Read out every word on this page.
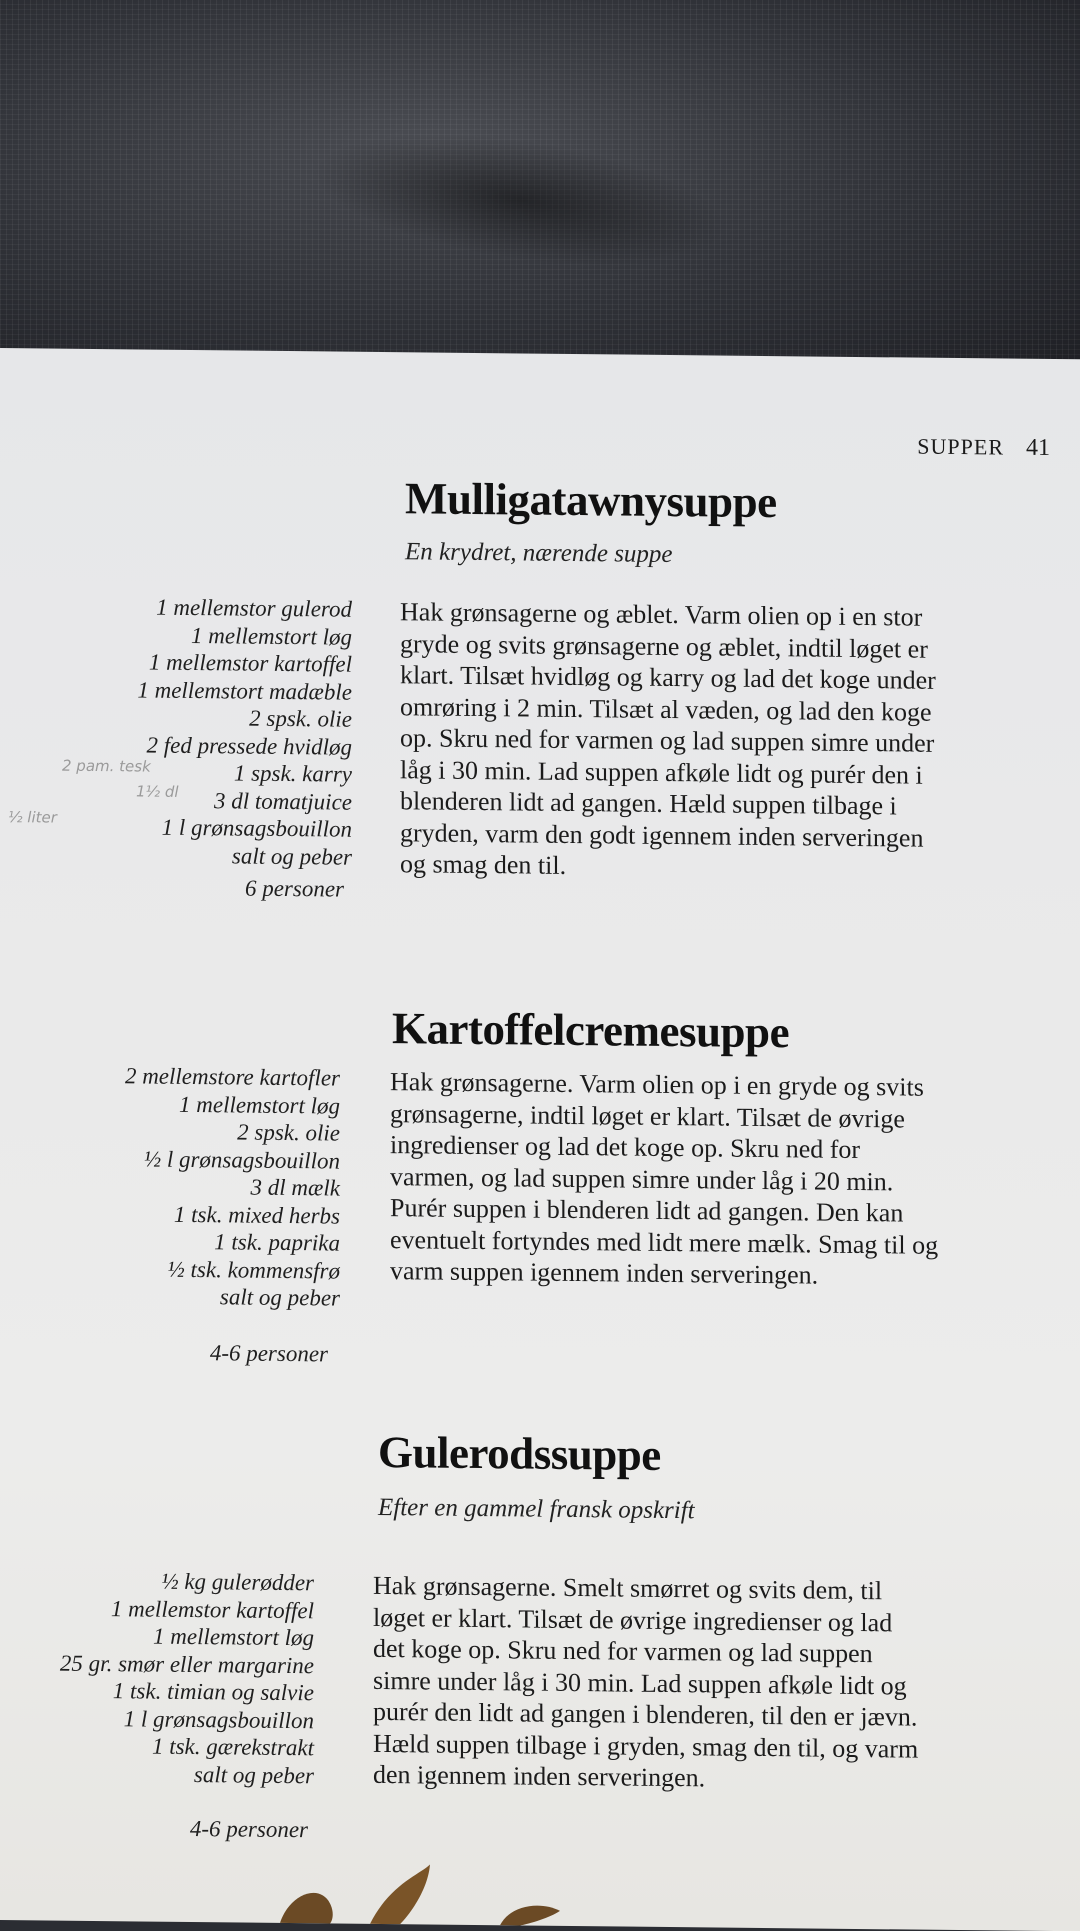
SUPPER 41
Mulligatawnysuppe
En krydret, nærende suppe
1 mellemstor gulerod
1 mellemstort løg
1 mellemstor kartoffel
1 mellemstort madæble
2 spsk. olie
2 fed pressede hvidløg
1 spsk. karry
3 dl tomatjuice
1 l grønsagsbouillon
salt og peber
6 personer
2 pam. tesk
1½ dl
½ liter
Hak grønsagerne og æblet. Varm olien op i en stor
gryde og svits grønsagerne og æblet, indtil løget er
klart. Tilsæt hvidløg og karry og lad det koge under
omrøring i 2 min. Tilsæt al væden, og lad den koge
op. Skru ned for varmen og lad suppen simre under
låg i 30 min. Lad suppen afkøle lidt og purér den i
blenderen lidt ad gangen. Hæld suppen tilbage i
gryden, varm den godt igennem inden serveringen
og smag den til.
Kartoffelcremesuppe
2 mellemstore kartofler
1 mellemstort løg
2 spsk. olie
½ l grønsagsbouillon
3 dl mælk
1 tsk. mixed herbs
1 tsk. paprika
½ tsk. kommensfrø
salt og peber
4-6 personer
Hak grønsagerne. Varm olien op i en gryde og svits
grønsagerne, indtil løget er klart. Tilsæt de øvrige
ingredienser og lad det koge op. Skru ned for
varmen, og lad suppen simre under låg i 20 min.
Purér suppen i blenderen lidt ad gangen. Den kan
eventuelt fortyndes med lidt mere mælk. Smag til og
varm suppen igennem inden serveringen.
Gulerodssuppe
Efter en gammel fransk opskrift
½ kg gulerødder
1 mellemstor kartoffel
1 mellemstort løg
25 gr. smør eller margarine
1 tsk. timian og salvie
1 l grønsagsbouillon
1 tsk. gærekstrakt
salt og peber
4-6 personer
Hak grønsagerne. Smelt smørret og svits dem, til
løget er klart. Tilsæt de øvrige ingredienser og lad
det koge op. Skru ned for varmen og lad suppen
simre under låg i 30 min. Lad suppen afkøle lidt og
purér den lidt ad gangen i blenderen, til den er jævn.
Hæld suppen tilbage i gryden, smag den til, og varm
den igennem inden serveringen.
